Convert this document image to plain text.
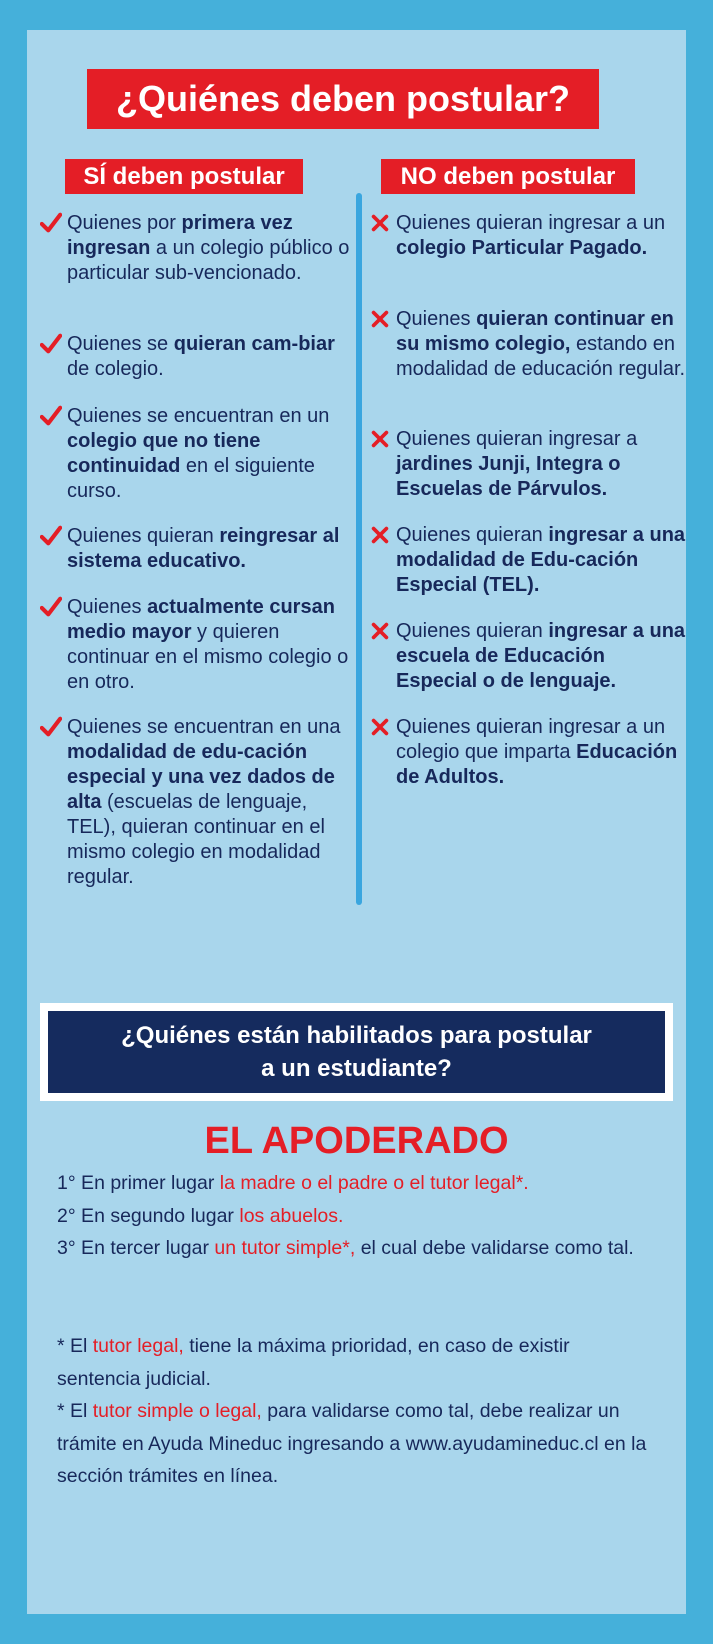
¿Quiénes deben postular?
SÍ deben postular	NO deben postular
Quienes por primera vez ingresan a un colegio público o particular sub-vencionado.
Quienes se quieran cam-biar de colegio.
Quienes se encuentran en un colegio que no tiene continuidad en el siguiente curso.
Quienes quieran reingresar al sistema educativo.
Quienes actualmente cursan medio mayor y quieren continuar en el mismo colegio o en otro.
Quienes se encuentran en una modalidad de edu-cación especial y una vez dados de alta (escuelas de lenguaje, TEL), quieran continuar en el mismo colegio en modalidad regular.
Quienes quieran ingresar a un colegio Particular Pagado.
Quienes quieran continuar en su mismo colegio, estando en modalidad de educación regular.
Quienes quieran ingresar a jardines Junji, Integra o Escuelas de Párvulos.
Quienes quieran ingresar a una modalidad de Edu-cación Especial (TEL).
Quienes quieran ingresar a una escuela de Educación Especial o de lenguaje.
Quienes quieran ingresar a un colegio que imparta Educación de Adultos.
¿Quiénes están habilitados para postular
a un estudiante?
EL APODERADO
1° En primer lugar la madre o el padre o el tutor legal*.
2° En segundo lugar los abuelos.
3° En tercer lugar un tutor simple*, el cual debe validarse como tal.
* El tutor legal, tiene la máxima prioridad, en caso de existir sentencia judicial.
* El tutor simple o legal, para validarse como tal, debe realizar un trámite en Ayuda Mineduc ingresando a www.ayudamineduc.cl en la sección trámites en línea.
